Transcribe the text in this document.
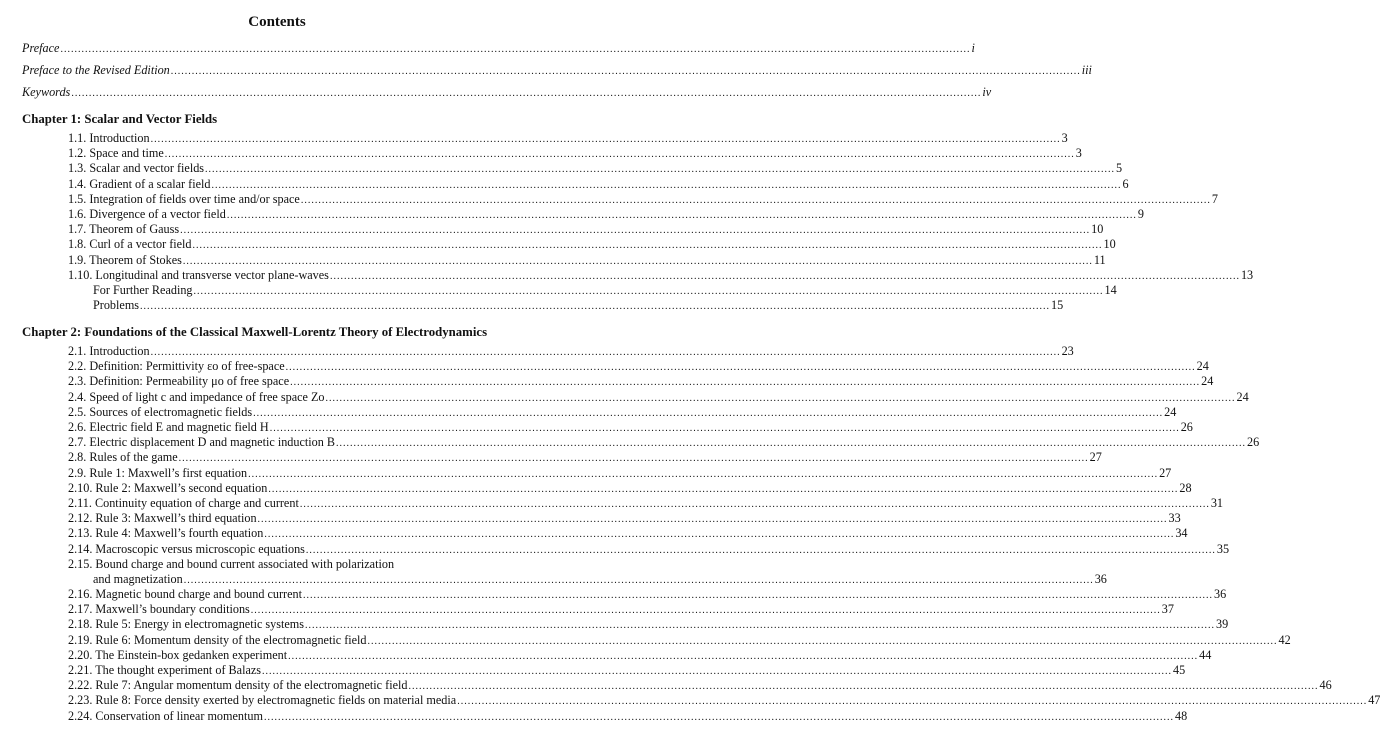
Contents
Preface .................................................................................................................................................................................................................................................................... i
Preface to the Revised Edition .................................................................................................................................................................................................................................................................... iii
Keywords .................................................................................................................................................................................................................................................................... iv
Chapter 1: Scalar and Vector Fields
1.1. Introduction .................................................................................................................................................................................................................................................................... 3
1.2. Space and time .................................................................................................................................................................................................................................................................... 3
1.3. Scalar and vector fields .................................................................................................................................................................................................................................................................... 5
1.4. Gradient of a scalar field .................................................................................................................................................................................................................................................................... 6
1.5. Integration of fields over time and/or space .................................................................................................................................................................................................................................................................... 7
1.6. Divergence of a vector field .................................................................................................................................................................................................................................................................... 9
1.7. Theorem of Gauss .................................................................................................................................................................................................................................................................... 10
1.8. Curl of a vector field .................................................................................................................................................................................................................................................................... 10
1.9. Theorem of Stokes .................................................................................................................................................................................................................................................................... 11
1.10. Longitudinal and transverse vector plane-waves .................................................................................................................................................................................................................................................................... 13
For Further Reading .................................................................................................................................................................................................................................................................... 14
Problems .................................................................................................................................................................................................................................................................... 15
Chapter 2: Foundations of the Classical Maxwell-Lorentz Theory of Electrodynamics
2.1. Introduction .................................................................................................................................................................................................................................................................... 23
2.2. Definition: Permittivity εo of free-space .................................................................................................................................................................................................................................................................... 24
2.3. Definition: Permeability μo of free space .................................................................................................................................................................................................................................................................... 24
2.4. Speed of light c and impedance of free space Zo .................................................................................................................................................................................................................................................................... 24
2.5. Sources of electromagnetic fields .................................................................................................................................................................................................................................................................... 24
2.6. Electric field E and magnetic field H .................................................................................................................................................................................................................................................................... 26
2.7. Electric displacement D and magnetic induction B .................................................................................................................................................................................................................................................................... 26
2.8. Rules of the game .................................................................................................................................................................................................................................................................... 27
2.9. Rule 1: Maxwell’s first equation .................................................................................................................................................................................................................................................................... 27
2.10. Rule 2: Maxwell’s second equation .................................................................................................................................................................................................................................................................... 28
2.11. Continuity equation of charge and current .................................................................................................................................................................................................................................................................... 31
2.12. Rule 3: Maxwell’s third equation .................................................................................................................................................................................................................................................................... 33
2.13. Rule 4: Maxwell’s fourth equation .................................................................................................................................................................................................................................................................... 34
2.14. Macroscopic versus microscopic equations .................................................................................................................................................................................................................................................................... 35
2.15. Bound charge and bound current associated with polarization
and magnetization .................................................................................................................................................................................................................................................................... 36
2.16. Magnetic bound charge and bound current .................................................................................................................................................................................................................................................................... 36
2.17. Maxwell’s boundary conditions .................................................................................................................................................................................................................................................................... 37
2.18. Rule 5: Energy in electromagnetic systems .................................................................................................................................................................................................................................................................... 39
2.19. Rule 6: Momentum density of the electromagnetic field .................................................................................................................................................................................................................................................................... 42
2.20. The Einstein-box gedanken experiment .................................................................................................................................................................................................................................................................... 44
2.21. The thought experiment of Balazs .................................................................................................................................................................................................................................................................... 45
2.22. Rule 7: Angular momentum density of the electromagnetic field .................................................................................................................................................................................................................................................................... 46
2.23. Rule 8: Force density exerted by electromagnetic fields on material media .................................................................................................................................................................................................................................................................... 47
2.24. Conservation of linear momentum .................................................................................................................................................................................................................................................................... 48
